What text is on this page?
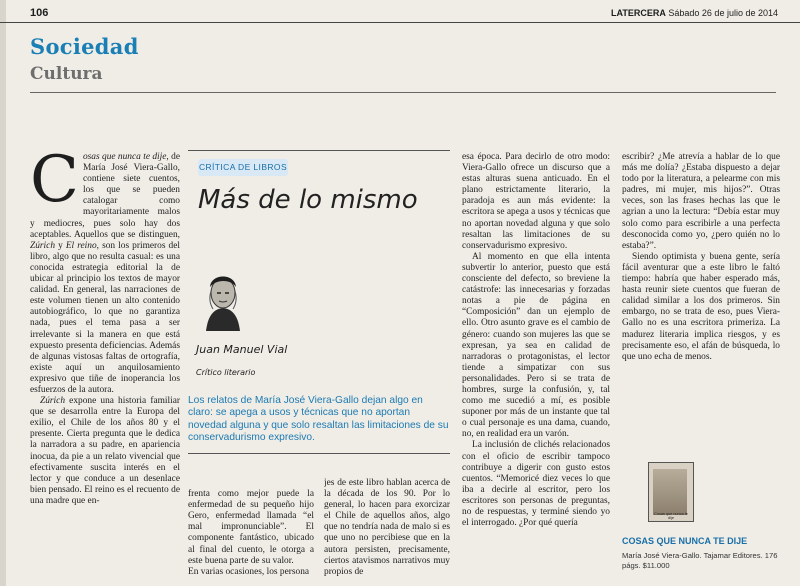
106	LATERCERA Sábado 26 de julio de 2014
Sociedad
Cultura

Cosas que nunca te dije, de María José Viera-Gallo, contiene siete cuentos, los que se pueden catalogar como mayoritariamente malos y mediocres, pues solo hay dos aceptables. Aquellos que se distinguen, Zúrich y El reino, son los primeros del libro, algo que no resulta casual: es una conocida estrategia editorial la de ubicar al principio los textos de mayor calidad. En general, las narraciones de este volumen tienen un alto contenido autobiográfico, lo que no garantiza nada, pues el tema pasa a ser irrelevante si la manera en que está expuesto presenta deficiencias. Además de algunas vistosas faltas de ortografía, existe aquí un anquilosamiento expresivo que tiñe de inoperancia los esfuerzos de la autora.

Zúrich expone una historia familiar que se desarrolla entre la Europa del exilio, el Chile de los años 80 y el presente. Cierta pregunta que le dedica la narradora a su padre, en apariencia inocua, da pie a un relato vivencial que efectivamente suscita interés en el lector y que conduce a un desenlace bien pensado. El reino es el recuento de una madre que en-

CRÍTICA DE LIBROS
Más de lo mismo
Juan Manuel Vial
Crítico literario
Los relatos de María José Viera-Gallo dejan algo en claro: se apega a usos y técnicas que no aportan novedad alguna y que solo resaltan las limitaciones de su conservadurismo expresivo.

frenta como mejor puede la enfermedad de su pequeño hijo Gero, enfermedad llamada “el mal impronunciable”. El componente fantástico, ubicado al final del cuento, le otorga a este buena parte de su valor.
En varias ocasiones, los persona

jes de este libro hablan acerca de la década de los 90. Por lo general, lo hacen para exorcizar el Chile de aquellos años, algo que no tendría nada de malo si es que uno no percibiese que en la autora persisten, precisamente, ciertos atavismos narrativos muy propios de

esa época. Para decirlo de otro modo: Viera-Gallo ofrece un discurso que a estas alturas suena anticuado. En el plano estrictamente literario, la paradoja es aun más evidente: la escritora se apega a usos y técnicas que no aportan novedad alguna y que solo resaltan las limitaciones de su conservadurismo expresivo.

Al momento en que ella intenta subvertir lo anterior, puesto que está consciente del defecto, so breviene la catástrofe: las innecesarias y forzadas notas a pie de página en “Composición” dan un ejemplo de ello. Otro asunto grave es el cambio de género: cuando son mujeres las que se expresan, ya sea en calidad de narradoras o protagonistas, el lector tiende a simpatizar con sus personalidades. Pero si se trata de hombres, surge la confusión, y, tal como me sucedió a mí, es posible suponer por más de un instante que tal o cual personaje es una dama, cuando, no, en realidad era un varón.

La inclusión de clichés relacionados con el oficio de escribir tampoco contribuye a digerir con gusto estos cuentos. “Memoricé diez veces lo que iba a decirle al escritor, pero los escritores son personas de preguntas, no de respuestas, y terminé siendo yo el interrogado. ¿Por qué quería

escribir? ¿Me atrevía a hablar de lo que más me dolía? ¿Estaba dispuesto a dejar todo por la literatura, a pelearme con mis padres, mi mujer, mis hijos?”. Otras veces, son las frases hechas las que le agrian a uno la lectura: “Debía estar muy solo como para escribirle a una perfecta desconocida como yo, ¿pero quién no lo estaba?”.

Siendo optimista y buena gente, sería fácil aventurar que a este libro le faltó tiempo: habría que haber esperado más, hasta reunir siete cuentos que fueran de calidad similar a los dos primeros. Sin embargo, no se trata de eso, pues Viera-Gallo no es una escritora primeriza. La madurez literaria implica riesgos, y es precisamente eso, el afán de búsqueda, lo que uno echa de menos.

Cosas que nunca te dije
COSAS QUE NUNCA TE DIJE
María José Viera-Gallo. Tajamar Editores. 176 págs. $11.000
